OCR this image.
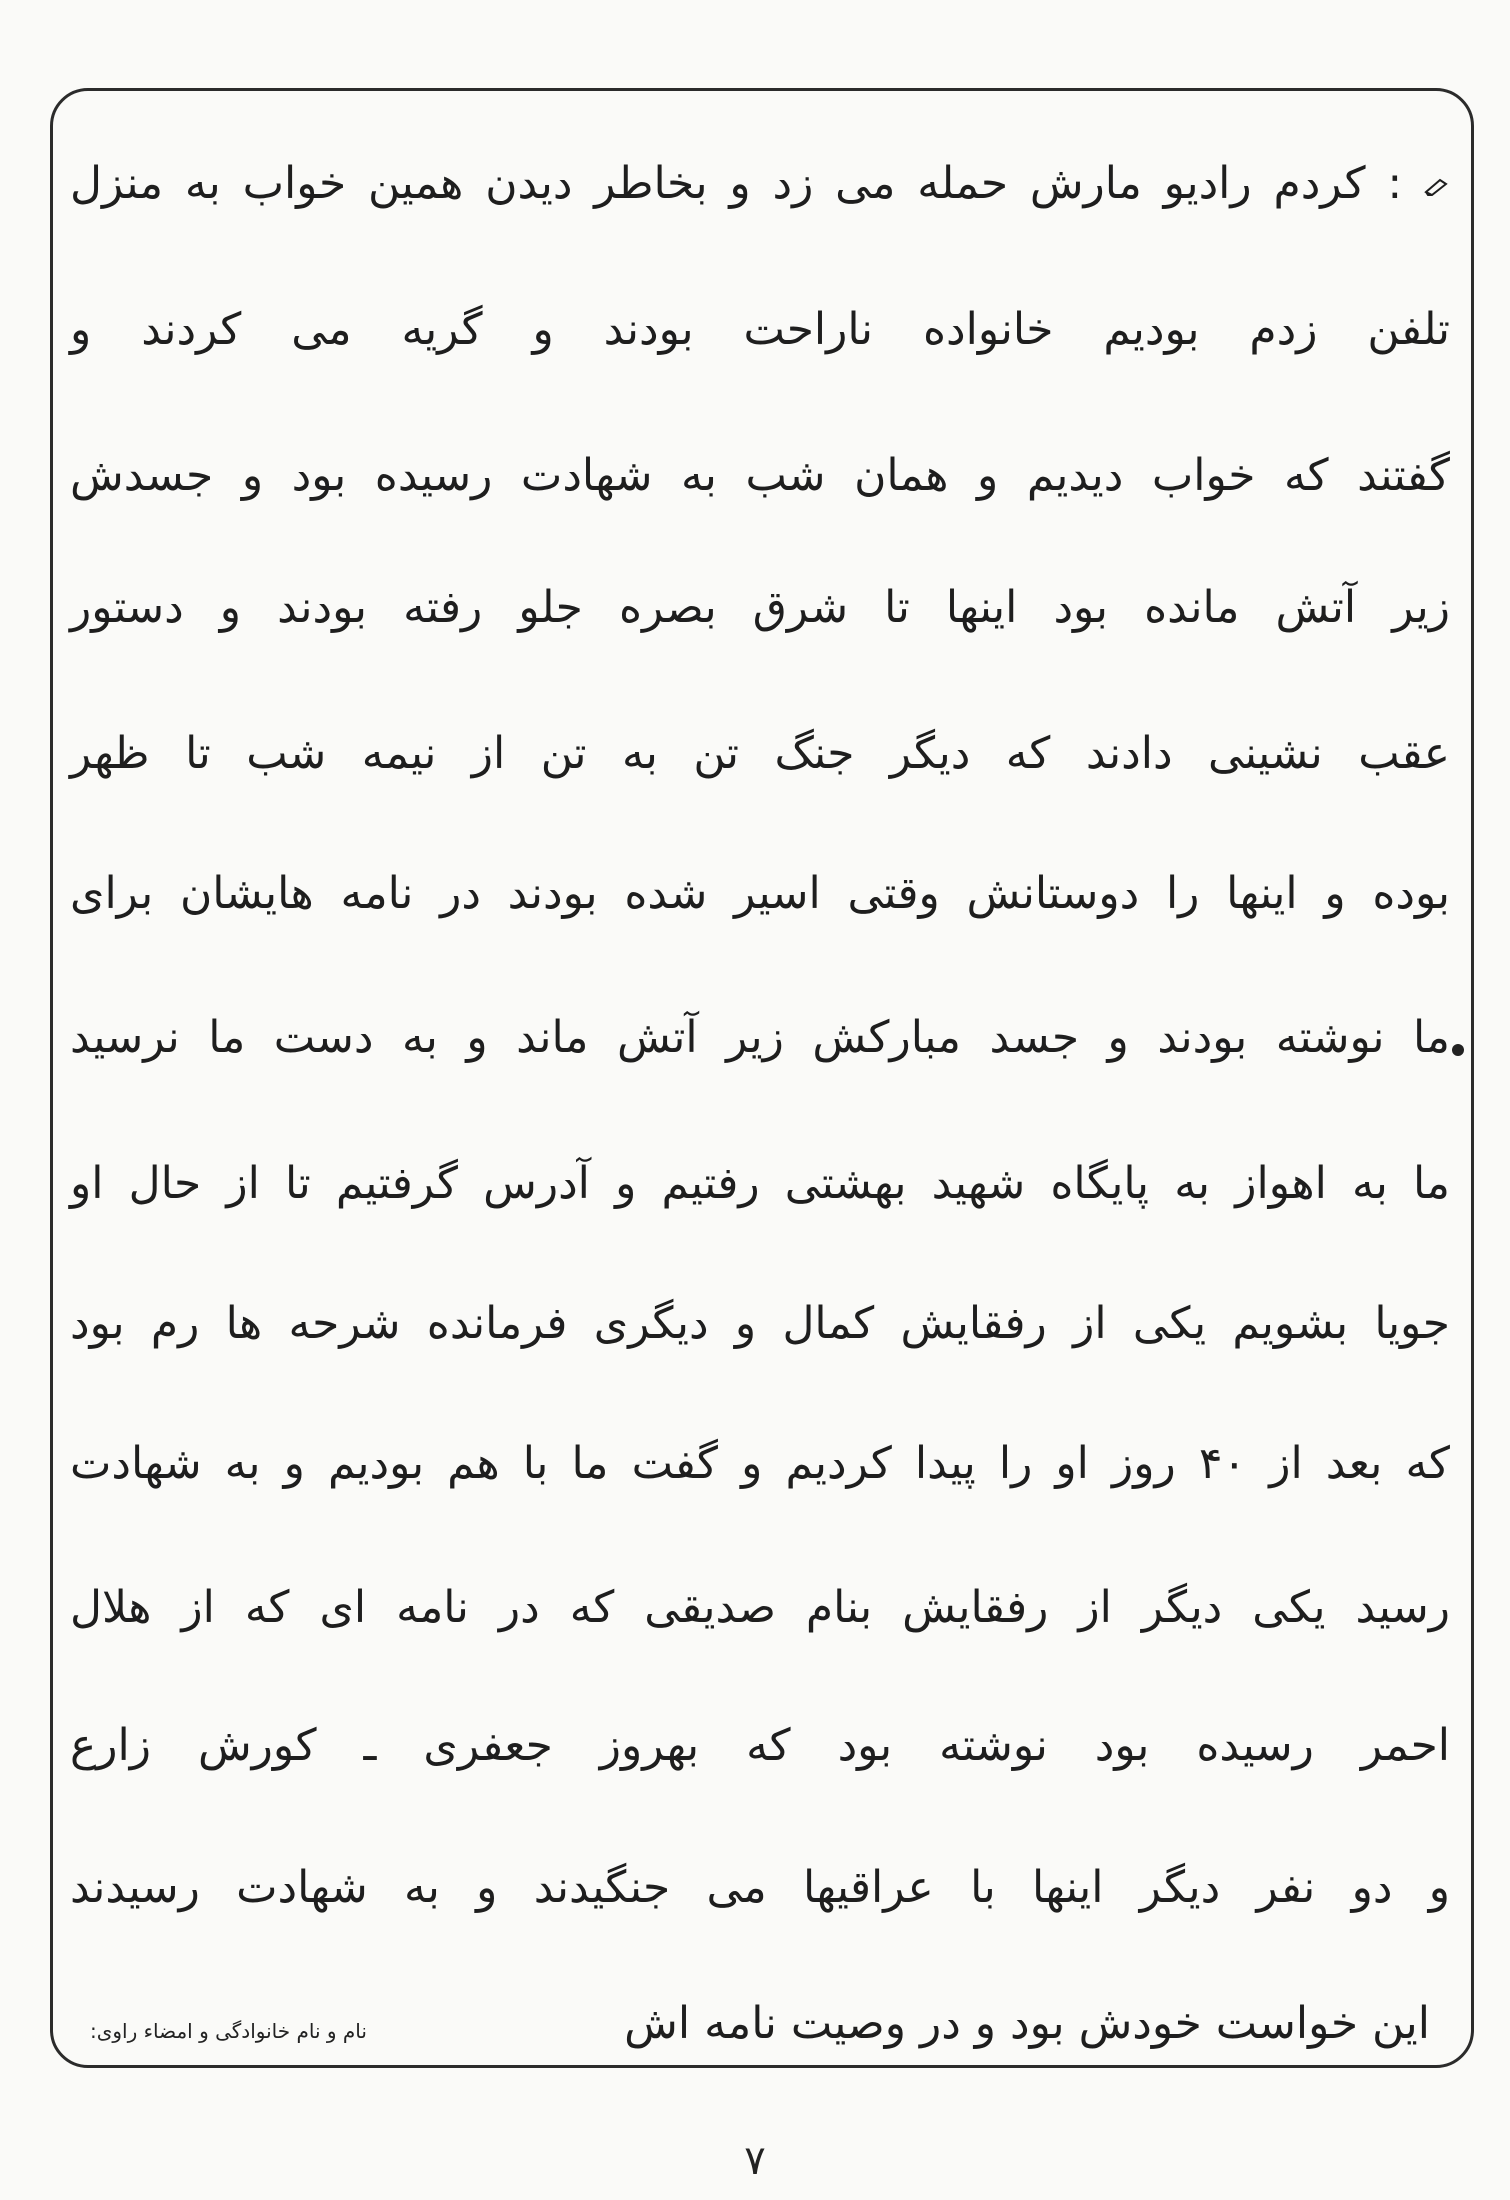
: کردم رادیو مارش حمله می زد و بخاطر دیدن همین خواب به منزل
تلفن زدم بودیم خانواده ناراحت بودند و گریه می کردند و
گفتند که خواب دیدیم و همان شب به شهادت رسیده بود و جسدش
زیر آتش مانده بود اینها تا شرق بصره جلو رفته بودند و دستور
عقب نشینی دادند که دیگر جنگ تن به تن از نیمه شب تا ظهر
بوده و اینها را دوستانش وقتی اسیر شده بودند در نامه هایشان برای
ما نوشته بودند و جسد مبارکش زیر آتش ماند و به دست ما نرسید
ما به اهواز به پایگاه شهید بهشتی رفتیم و آدرس گرفتیم تا از حال او
جویا بشویم یکی از رفقایش کمال و دیگری فرمانده شرحه ها رم بود
که بعد از ۴۰ روز او را پیدا کردیم و گفت ما با هم بودیم و به شهادت
رسید یکی دیگر از رفقایش بنام صدیقی که در نامه ای که از هلال
احمر رسیده بود نوشته بود که بهروز جعفری ـ کورش زارع
و دو نفر دیگر اینها با عراقیها می جنگیدند و به شهادت رسیدند
این خواست خودش بود و در وصیت نامه اش
نام و نام خانوادگی و امضاء راوی:
۷
